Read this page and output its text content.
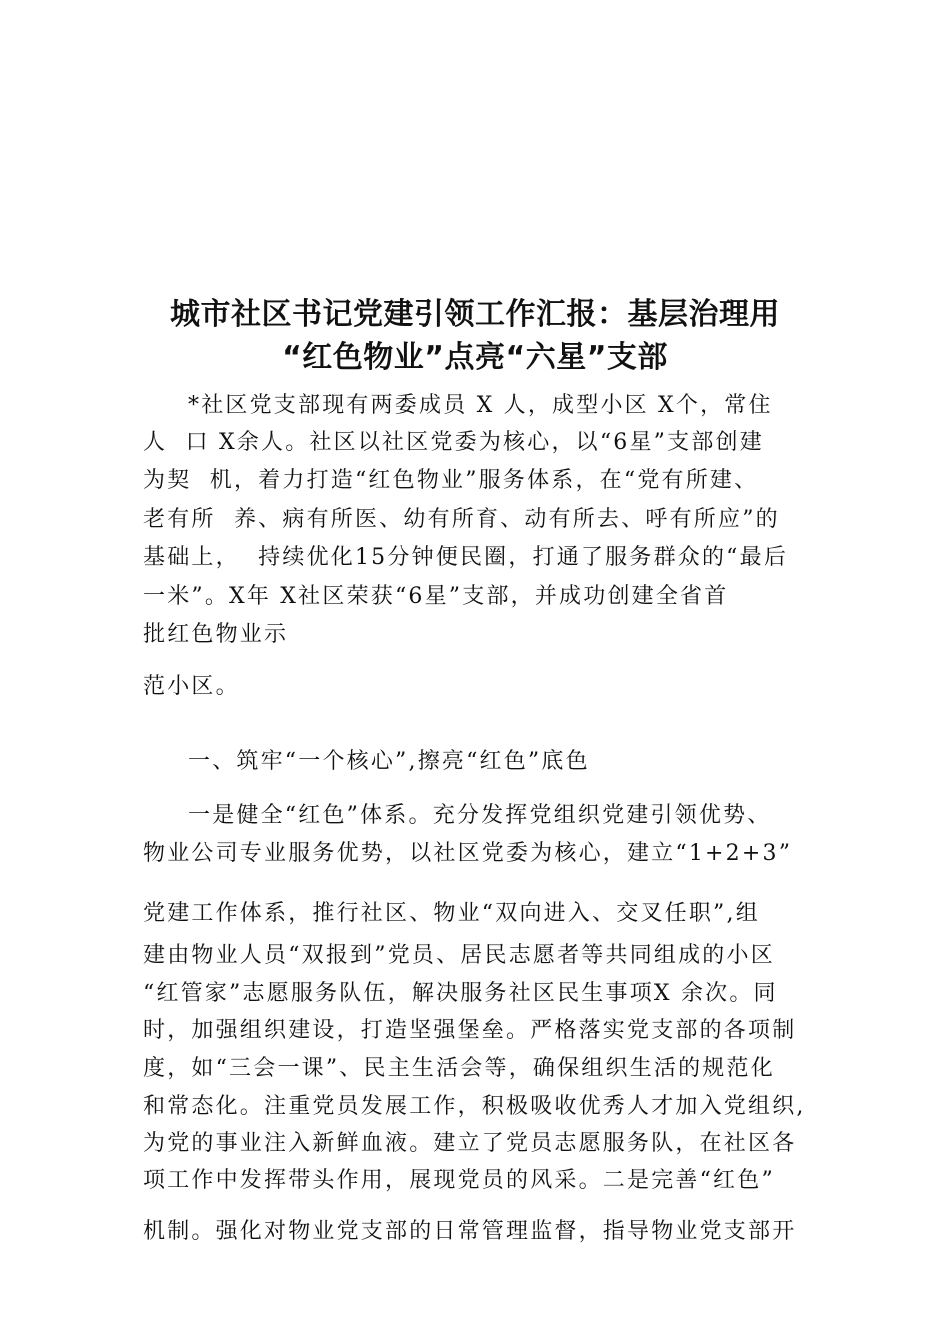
城市社区书记党建引领工作汇报：基层治理用
“红色物业”点亮“六星”支部
*社区党支部现有两委成员 X 人，成型小区 X个，常住
人  口 X余人。社区以社区党委为核心，以“6星”支部创建
为契  机，着力打造“红色物业”服务体系，在“党有所建、
老有所  养、病有所医、幼有所育、动有所去、呼有所应”的
基础上，  持续优化15分钟便民圈，打通了服务群众的“最后
一米”。X年 X社区荣获“6星”支部，并成功创建全省首
批红色物业示
范小区。
一、筑牢“一个核心”,擦亮“红色”底色
一是健全“红色”体系。充分发挥党组织党建引领优势、
物业公司专业服务优势，以社区党委为核心，建立“1+2+3”
党建工作体系，推行社区、物业“双向进入、交叉任职”,组
建由物业人员“双报到”党员、居民志愿者等共同组成的小区
“红管家”志愿服务队伍，解决服务社区民生事项X 余次。同
时，加强组织建设，打造坚强堡垒。严格落实党支部的各项制
度，如“三会一课”、民主生活会等，确保组织生活的规范化
和常态化。注重党员发展工作，积极吸收优秀人才加入党组织,
为党的事业注入新鲜血液。建立了党员志愿服务队，在社区各
项工作中发挥带头作用，展现党员的风采。二是完善“红色”
机制。强化对物业党支部的日常管理监督，指导物业党支部开
